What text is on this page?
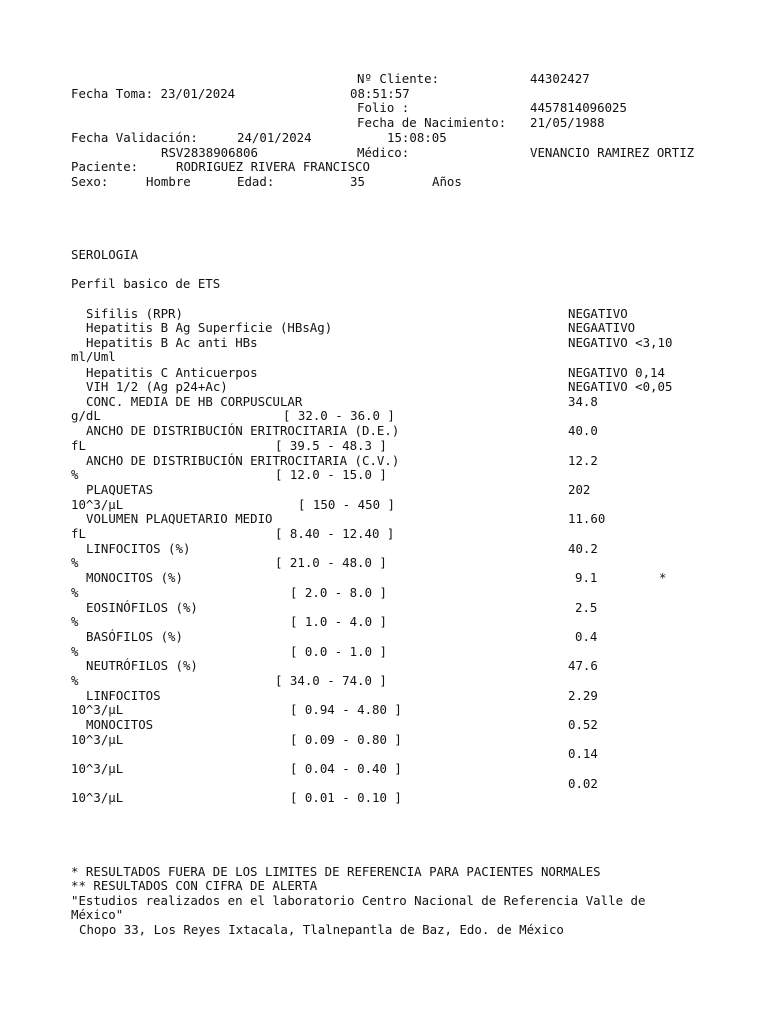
Nº Cliente:	44302427
Fecha Toma: 23/01/2024	08:51:57
Folio :	4457814096025
Fecha de Nacimiento: 21/05/1988
Fecha Validación:	24/01/2024	15:08:05
RSV2838906806	Médico:	VENANCIO RAMIREZ ORTIZ
Paciente:	RODRIGUEZ RIVERA FRANCISCO
Sexo:	Hombre	Edad:	35	Años
SEROLOGIA
Perfil basico de ETS
Sifilis (RPR)	NEGATIVO
Hepatitis B Ag Superficie (HBsAg)	NEGAATIVO
Hepatitis B Ac anti HBs	NEGATIVO <3,10
ml/Uml
Hepatitis C Anticuerpos	NEGATIVO 0,14
VIH 1/2 (Ag p24+Ac)	NEGATIVO <0,05
CONC. MEDIA DE HB CORPUSCULAR	34.8
g/dL	[ 32.0 - 36.0 ]
ANCHO DE DISTRIBUCIÓN ERITROCITARIA (D.E.)	40.0
fL	[ 39.5 - 48.3 ]
ANCHO DE DISTRIBUCIÓN ERITROCITARIA (C.V.)	12.2
%	[ 12.0 - 15.0 ]
PLAQUETAS	202
10^3/µL	[ 150 - 450 ]
VOLUMEN PLAQUETARIO MEDIO	11.60
fL	[ 8.40 - 12.40 ]
LINFOCITOS (%)	40.2
%	[ 21.0 - 48.0 ]
MONOCITOS (%)	9.1	*
%	[ 2.0 - 8.0 ]
EOSINÓFILOS (%)	2.5
%	[ 1.0 - 4.0 ]
BASÓFILOS (%)	0.4
%	[ 0.0 - 1.0 ]
NEUTRÓFILOS (%)	47.6
%	[ 34.0 - 74.0 ]
LINFOCITOS	2.29
10^3/µL	[ 0.94 - 4.80 ]
MONOCITOS	0.52
10^3/µL	[ 0.09 - 0.80 ]
0.14
10^3/µL	[ 0.04 - 0.40 ]
0.02
10^3/µL	[ 0.01 - 0.10 ]
* RESULTADOS FUERA DE LOS LIMITES DE REFERENCIA PARA PACIENTES NORMALES
** RESULTADOS CON CIFRA DE ALERTA
"Estudios realizados en el laboratorio Centro Nacional de Referencia Valle de
México"
Chopo 33, Los Reyes Ixtacala, Tlalnepantla de Baz, Edo. de México
